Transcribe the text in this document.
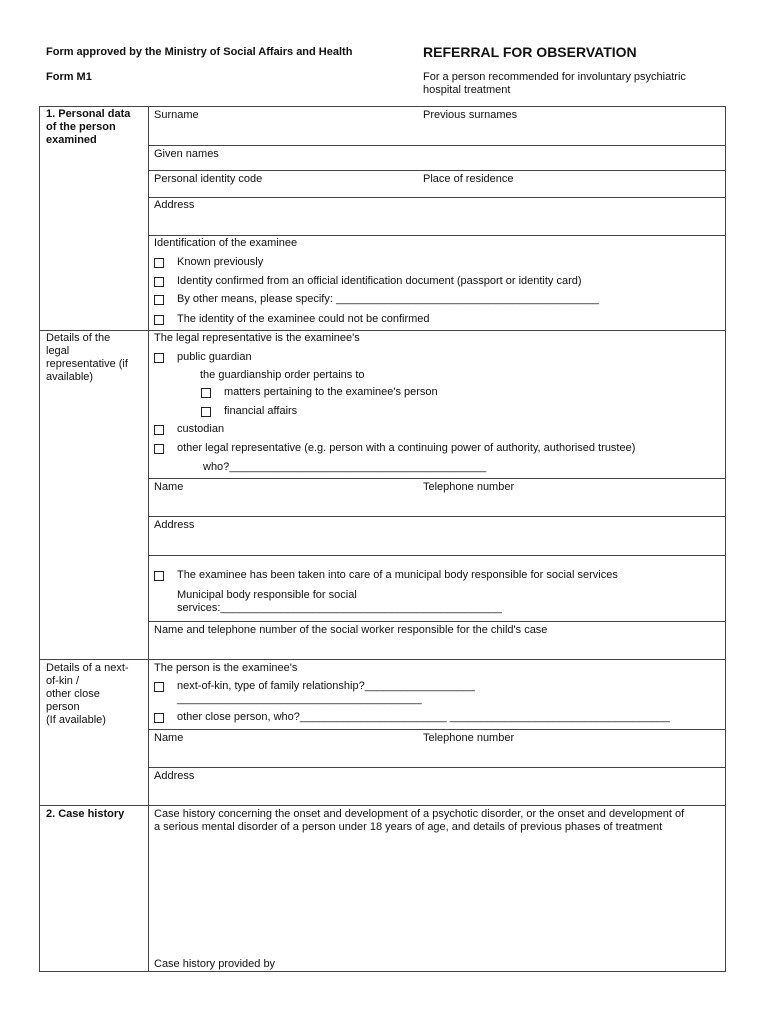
Form approved by the Ministry of Social Affairs and Health
Form M1
REFERRAL FOR OBSERVATION
For a person recommended for involuntary psychiatric
hospital treatment
1. Personal data
of the person
examined
Surname	Previous surnames
Given names
Personal identity code	Place of residence
Address
Identification of the examinee
Known previously
Identity confirmed from an official identification document (passport or identity card)
By other means, please specify: ___________________________________________
The identity of the examinee could not be confirmed
Details of the
legal
representative (if
available)
The legal representative is the examinee's
public guardian
the guardianship order pertains to
matters pertaining to the examinee's person
financial affairs
custodian
other legal representative (e.g. person with a continuing power of authority, authorised trustee)
who?__________________________________________
Name	Telephone number
Address
The examinee has been taken into care of a municipal body responsible for social services
Municipal body responsible for social
services:______________________________________________
Name and telephone number of the social worker responsible for the child's case
Details of a next-
of-kin /
other close
person
(If available)
The person is the examinee's
next-of-kin, type of family relationship?__________________
________________________________________
other close person, who?________________________ ____________________________________
Name	Telephone number
Address
2. Case history	Case history concerning the onset and development of a psychotic disorder, or the onset and development of
a serious mental disorder of a person under 18 years of age, and details of previous phases of treatment
Case history provided by
